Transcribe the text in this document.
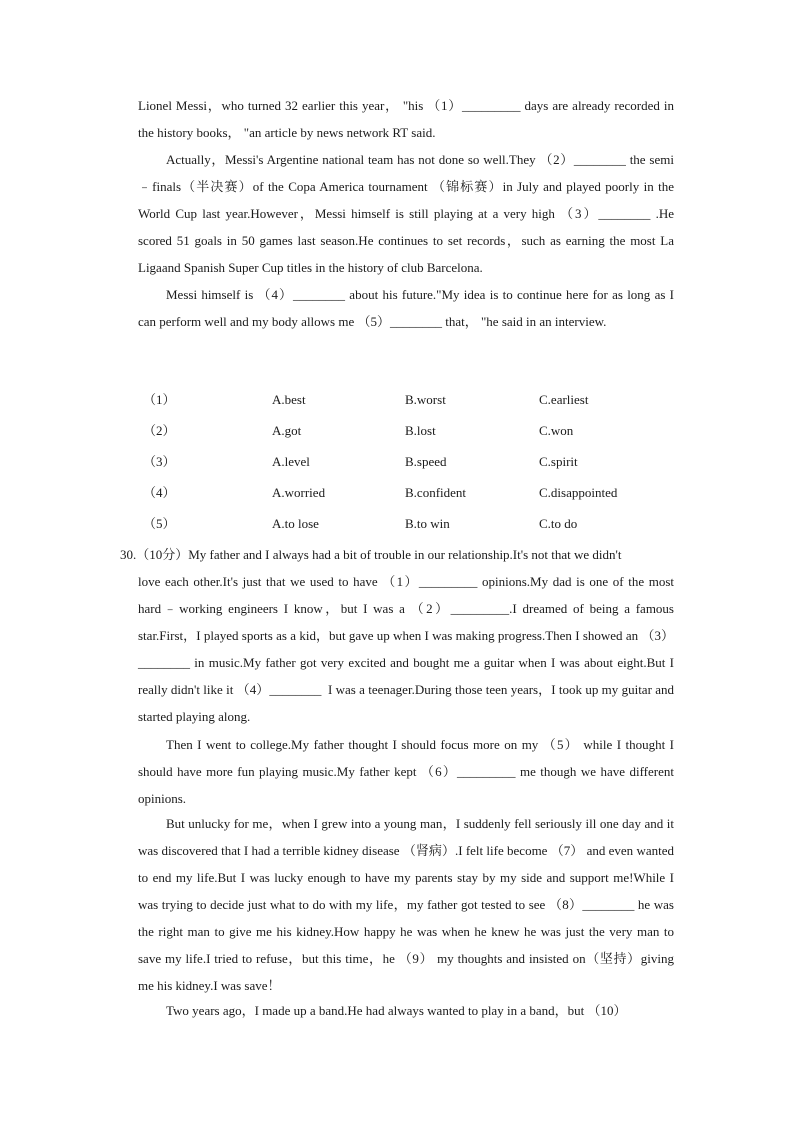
Lionel Messi，who turned 32 earlier this year， "his （1）_________ days are already recorded in the history books， "an article by news network RT said.

Actually，Messi's Argentine national team has not done so well.They （2）________ the semi﹣finals（半决赛）of the Copa America tournament （锦标赛）in July and played poorly in the World Cup last year.However，Messi himself is still playing at a very high （3）________ .He scored 51 goals in 50 games last season.He continues to set records，such as earning the most La Ligaand Spanish Super Cup titles in the history of club Barcelona.

Messi himself is （4）________ about his future."My idea is to continue here for as long as I can perform well and my body allows me （5）________ that， "he said in an interview.

（1）	A.best	B.worst	C.earliest
（2）	A.got	B.lost	C.won
（3）	A.level	B.speed	C.spirit
（4）	A.worried	B.confident	C.disappointed
（5）	A.to lose	B.to win	C.to do

30.（10分）My father and I always had a bit of trouble in our relationship.It's not that we didn't

love each other.It's just that we used to have （1）_________ opinions.My dad is one of the most hard﹣working engineers I know，but I was a （2）_________.I dreamed of being a famous star.First，I played sports as a kid，but gave up when I was making progress.Then I showed an （3）________ in music.My father got very excited and bought me a guitar when I was about eight.But I really didn't like it （4）________  I was a teenager.During those teen years，I took up my guitar and started playing along.

Then I went to college.My father thought I should focus more on my （5） while I thought I should have more fun playing music.My father kept （6）_________ me though we have different opinions.

But unlucky for me，when I grew into a young man，I suddenly fell seriously ill one day and it was discovered that I had a terrible kidney disease （肾病）.I felt life become （7） and even wanted to end my life.But I was lucky enough to have my parents stay by my side and support me!While I was trying to decide just what to do with my life，my father got tested to see （8）________ he was the right man to give me his kidney.How happy he was when he knew he was just the very man to save my life.I tried to refuse，but this time，he （9） my thoughts and insisted on（坚持）giving me his kidney.I was save！

Two years ago，I made up a band.He had always wanted to play in a band，but （10）
